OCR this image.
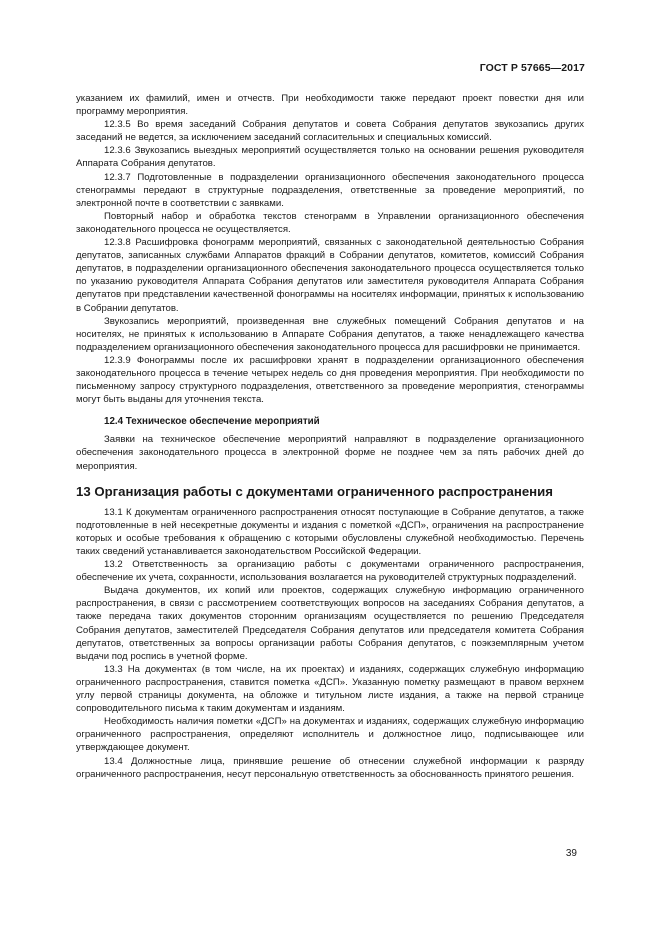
ГОСТ Р 57665—2017

указанием их фамилий, имен и отчеств. При необходимости также передают проект повестки дня или программу мероприятия.

12.3.5 Во время заседаний Собрания депутатов и совета Собрания депутатов звукозапись других заседаний не ведется, за исключением заседаний согласительных и специальных комиссий.

12.3.6 Звукозапись выездных мероприятий осуществляется только на основании решения руководителя Аппарата Собрания депутатов.

12.3.7 Подготовленные в подразделении организационного обеспечения законодательного процесса стенограммы передают в структурные подразделения, ответственные за проведение мероприятий, по электронной почте в соответствии с заявками.

Повторный набор и обработка текстов стенограмм в Управлении организационного обеспечения законодательного процесса не осуществляется.

12.3.8 Расшифровка фонограмм мероприятий, связанных с законодательной деятельностью Собрания депутатов, записанных службами Аппаратов фракций в Собрании депутатов, комитетов, комиссий Собрания депутатов, в подразделении организационного обеспечения законодательного процесса осуществляется только по указанию руководителя Аппарата Собрания депутатов или заместителя руководителя Аппарата Собрания депутатов при представлении качественной фонограммы на носителях информации, принятых к использованию в Собрании депутатов.

Звукозапись мероприятий, произведенная вне служебных помещений Собрания депутатов и на носителях, не принятых к использованию в Аппарате Собрания депутатов, а также ненадлежащего качества подразделением организационного обеспечения законодательного процесса для расшифровки не принимается.

12.3.9 Фонограммы после их расшифровки хранят в подразделении организационного обеспечения законодательного процесса в течение четырех недель со дня проведения мероприятия. При необходимости по письменному запросу структурного подразделения, ответственного за проведение мероприятия, стенограммы могут быть выданы для уточнения текста.

12.4 Техническое обеспечение мероприятий

Заявки на техническое обеспечение мероприятий направляют в подразделение организационного обеспечения законодательного процесса в электронной форме не позднее чем за пять рабочих дней до мероприятия.

13 Организация работы с документами ограниченного распространения

13.1 К документам ограниченного распространения относят поступающие в Собрание депутатов, а также подготовленные в ней несекретные документы и издания с пометкой «ДСП», ограничения на распространение которых и особые требования к обращению с которыми обусловлены служебной необходимостью. Перечень таких сведений устанавливается законодательством Российской Федерации.

13.2 Ответственность за организацию работы с документами ограниченного распространения, обеспечение их учета, сохранности, использования возлагается на руководителей структурных подразделений.

Выдача документов, их копий или проектов, содержащих служебную информацию ограниченного распространения, в связи с рассмотрением соответствующих вопросов на заседаниях Собрания депутатов, а также передача таких документов сторонним организациям осуществляется по решению Председателя Собрания депутатов, заместителей Председателя Собрания депутатов или председателя комитета Собрания депутатов, ответственных за вопросы организации работы Собрания депутатов, с поэкземплярным учетом выдачи под роспись в учетной форме.

13.3 На документах (в том числе, на их проектах) и изданиях, содержащих служебную информацию ограниченного распространения, ставится пометка «ДСП». Указанную пометку размещают в правом верхнем углу первой страницы документа, на обложке и титульном листе издания, а также на первой странице сопроводительного письма к таким документам и изданиям.

Необходимость наличия пометки «ДСП» на документах и изданиях, содержащих служебную информацию ограниченного распространения, определяют исполнитель и должностное лицо, подписывающее или утверждающее документ.

13.4 Должностные лица, принявшие решение об отнесении служебной информации к разряду ограниченного распространения, несут персональную ответственность за обоснованность принятого решения.

39
